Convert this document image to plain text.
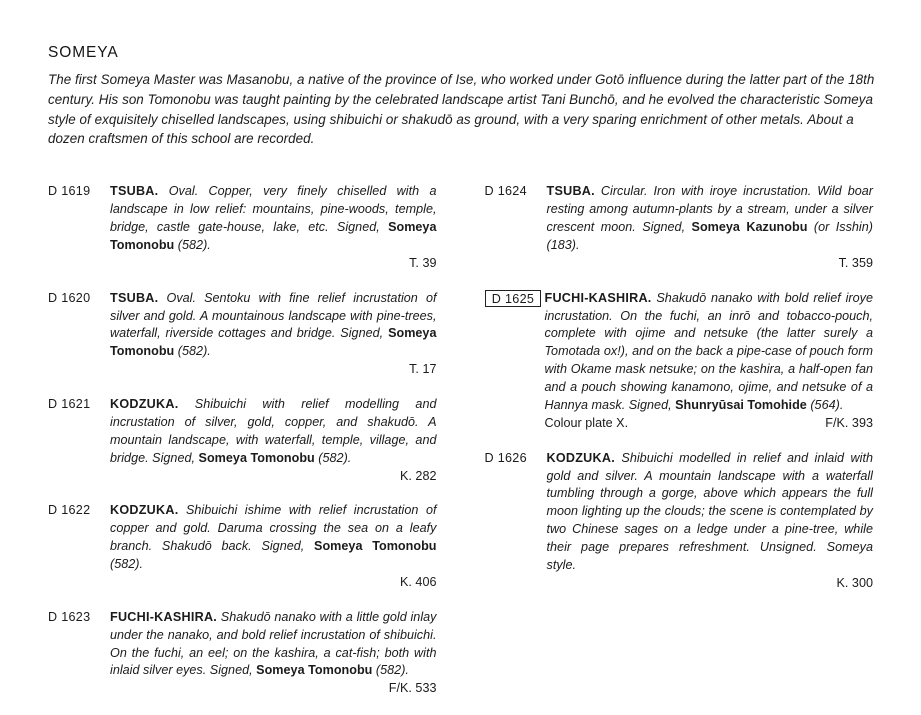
SOMEYA

The first Someya Master was Masanobu, a native of the province of Ise, who worked under Gotō influence during the latter part of the 18th century. His son Tomonobu was taught painting by the celebrated landscape artist Tani Bunchō, and he evolved the characteristic Someya style of exquisitely chiselled landscapes, using shibuichi or shakudō as ground, with a very sparing enrichment of other metals. About a dozen craftsmen of this school are recorded.

D 1619	TSUBA. Oval. Copper, very finely chiselled with a landscape in low relief: mountains, pine-woods, temple, bridge, castle gate-house, lake, etc. Signed, Someya Tomonobu (582).
T. 39
D 1620	TSUBA. Oval. Sentoku with fine relief incrustation of silver and gold. A mountainous landscape with pine-trees, waterfall, riverside cottages and bridge. Signed, Someya Tomonobu (582).
T. 17
D 1621	KODZUKA. Shibuichi with relief modelling and incrustation of silver, gold, copper, and shakudō. A mountain landscape, with waterfall, temple, village, and bridge. Signed, Someya Tomonobu (582).
K. 282
D 1622	KODZUKA. Shibuichi ishime with relief incrustation of copper and gold. Daruma crossing the sea on a leafy branch. Shakudō back. Signed, Someya Tomonobu (582).
K. 406
D 1623	FUCHI-KASHIRA. Shakudō nanako with a little gold inlay under the nanako, and bold relief incrustation of shibuichi. On the fuchi, an eel; on the kashira, a cat-fish; both with inlaid silver eyes. Signed, Someya Tomonobu (582).
F/K. 533
D 1624	TSUBA. Circular. Iron with iroye incrustation. Wild boar resting among autumn-plants by a stream, under a silver crescent moon. Signed, Someya Kazunobu (or Isshin) (183).
T. 359
D 1625 FUCHI-KASHIRA. Shakudō nanako with bold relief iroye incrustation. On the fuchi, an inrō and tobacco-pouch, complete with ojime and netsuke (the latter surely a Tomotada ox!), and on the back a pipe-case of pouch form with Okame mask netsuke; on the kashira, a half-open fan and a pouch showing kanamono, ojime, and netsuke of a Hannya mask. Signed, Shunryūsai Tomohide (564).
Colour plate X.	F/K. 393
D 1626	KODZUKA. Shibuichi modelled in relief and inlaid with gold and silver. A mountain landscape with a waterfall tumbling through a gorge, above which appears the full moon lighting up the clouds; the scene is contemplated by two Chinese sages on a ledge under a pine-tree, while their page prepares refreshment. Unsigned. Someya style.
K. 300
